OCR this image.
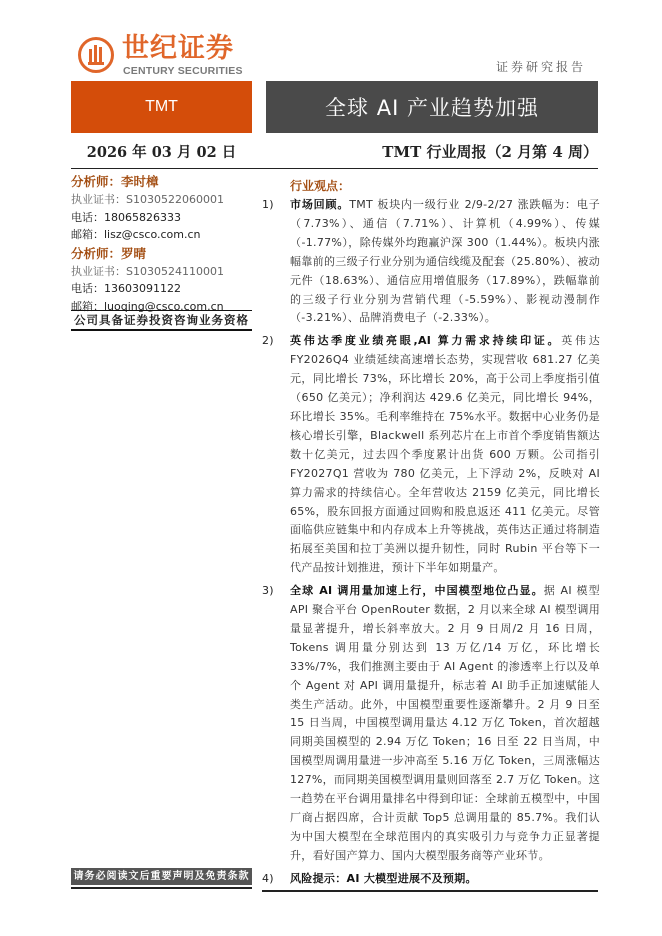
世纪证券
CENTURY SECURITIES	证券研究报告
TMT	全球 AI 产业趋势加强
2026 年 03 月 02 日	TMT 行业周报（2 月第 4 周）
分析师：李时樟
执业证书：S1030522060001
电话：18065826333
邮箱：lisz@csco.com.cn
分析师：罗晴
执业证书：S1030524110001
电话：13603091122
邮箱：luoqing@csco.com.cn
公司具备证券投资咨询业务资格
行业观点：
1) 市场回顾。TMT 板块内一级行业 2/9-2/27 涨跌幅为：电子（7.73%）、通信（7.71%）、计算机（4.99%）、传媒（-1.77%），除传媒外均跑赢沪深 300（1.44%）。板块内涨幅靠前的三级子行业分别为通信线缆及配套（25.80%）、被动元件（18.63%）、通信应用增值服务（17.89%），跌幅靠前的三级子行业分别为营销代理（-5.59%）、影视动漫制作（-3.21%）、品牌消费电子（-2.33%）。
2) 英伟达季度业绩亮眼,AI 算力需求持续印证。英伟达 FY2026Q4 业绩延续高速增长态势，实现营收 681.27 亿美元，同比增长 73%，环比增长 20%，高于公司上季度指引值（650 亿美元）；净利润达 429.6 亿美元，同比增长 94%，环比增长 35%。毛利率维持在 75%水平。数据中心业务仍是核心增长引擎，Blackwell 系列芯片在上市首个季度销售额达数十亿美元，过去四个季度累计出货 600 万颗。公司指引 FY2027Q1 营收为 780 亿美元，上下浮动 2%，反映对 AI 算力需求的持续信心。全年营收达 2159 亿美元，同比增长 65%，股东回报方面通过回购和股息返还 411 亿美元。尽管面临供应链集中和内存成本上升等挑战，英伟达正通过将制造拓展至美国和拉丁美洲以提升韧性，同时 Rubin 平台等下一代产品按计划推进，预计下半年如期量产。
3) 全球 AI 调用量加速上行，中国模型地位凸显。据 AI 模型 API 聚合平台 OpenRouter 数据，2 月以来全球 AI 模型调用量显著提升，增长斜率放大。2 月 9 日周/2 月 16 日周，Tokens 调用量分别达到 13 万亿/14 万亿，环比增长 33%/7%，我们推测主要由于 AI Agent 的渗透率上行以及单个 Agent 对 API 调用量提升，标志着 AI 助手正加速赋能人类生产活动。此外，中国模型重要性逐渐攀升。2 月 9 日至 15 日当周，中国模型调用量达 4.12 万亿 Token，首次超越同期美国模型的 2.94 万亿 Token；16 日至 22 日当周，中国模型周调用量进一步冲高至 5.16 万亿 Token，三周涨幅达 127%，而同期美国模型调用量则回落至 2.7 万亿 Token。这一趋势在平台调用量排名中得到印证：全球前五模型中，中国厂商占据四席，合计贡献 Top5 总调用量的 85.7%。我们认为中国大模型在全球范围内的真实吸引力与竞争力正显著提升，看好国产算力、国内大模型服务商等产业环节。
4) 风险提示：AI 大模型进展不及预期。
请务必阅读文后重要声明及免责条款
